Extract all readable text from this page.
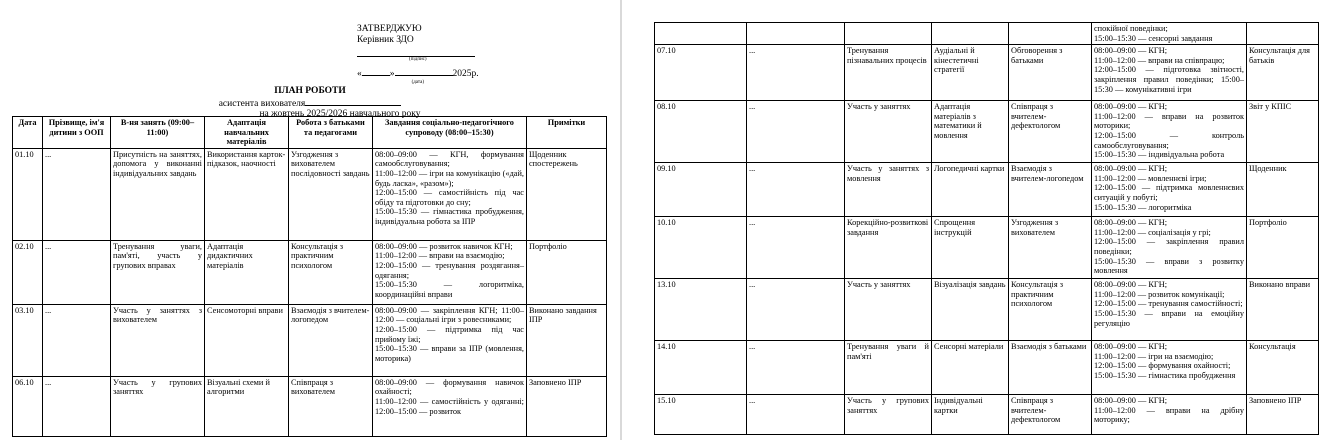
ЗАТВЕРДЖУЮ
Керівник ЗДО
(підпис)
«	»	2025р.
(дата)
ПЛАН РОБОТИ
асистента вихователя
на жовтень 2025/2026 навчального року
Дата	Прізвище, ім'я дитини з ООП	В-ня занять (09:00–11:00)	Адаптація навчальних матеріалів	Робота з батьками та педагогами	Завдання соціально-педагогічного супроводу (08:00–15:30)	Примітки
01.10	...	Присутність на заняттях, допомога у виконанні індивідуальних завдань	Використання карток-підказок, наочності	Узгодження з вихователем послідовності завдань	08:00–09:00 — КГН, формування самообслуговування;
11:00–12:00 — ігри на комунікацію («дай, будь ласка», «разом»);
12:00–15:00 — самостійність під час обіду та підготовки до сну;
15:00–15:30 — гімнастика пробудження, індивідуальна робота за ІПР	Щоденник спостережень
02.10	...	Тренування уваги, пам'яті, участь у групових вправах	Адаптація дидактичних матеріалів	Консультація з практичним психологом	08:00–09:00 — розвиток навичок КГН;
11:00–12:00 — вправи на взаємодію;
12:00–15:00 — тренування роздягання–одягання;
15:00–15:30 — логоритміка, координаційні вправи	Портфоліо
03.10	...	Участь у заняттях з вихователем	Сенсомоторні вправи	Взаємодія з вчителем-логопедом	08:00–09:00 — закріплення КГН; 11:00–12:00 — соціальні ігри з ровесниками;
12:00–15:00 — підтримка під час прийому їжі;
15:00–15:30 — вправи за ІПР (мовлення, моторика)	Виконано завдання ІПР
06.10	...	Участь у групових заняттях	Візуальні схеми й алгоритми	Співпраця з вихователем	08:00–09:00 — формування навичок охайності;
11:00–12:00 — самостійність у одяганні; 12:00–15:00 — розвиток	Заповнено ІПР
					спокійної поведінки;
15:00–15:30 — сенсорні завдання	
07.10	...	Тренування пізнавальних процесів	Аудіальні й кінестетичні стратегії	Обговорення з батьками	08:00–09:00 — КГН;
11:00–12:00 — вправи на співпрацю;
12:00–15:00 — підготовка звітності, закріплення правил поведінки; 15:00–15:30 — комунікативні ігри	Консультація для батьків
08.10	...	Участь у заняттях	Адаптація матеріалів з математики й мовлення	Співпраця з вчителем-дефектологом	08:00–09:00 — КГН;
11:00–12:00 — вправи на розвиток моторики;
12:00–15:00 — контроль самообслуговування;
15:00–15:30 — індивідуальна робота	Звіт у КПІС
09.10	...	Участь у заняттях з мовлення	Логопедичні картки	Взаємодія з вчителем-логопедом	08:00–09:00 — КГН;
11:00–12:00 — мовленнєві ігри;
12:00–15:00 — підтримка мовленнєвих ситуацій у побуті;
15:00–15:30 — логоритміка	Щоденник
10.10	...	Корекційно-розвиткові завдання	Спрощення інструкцій	Узгодження з вихователем	08:00–09:00 — КГН;
11:00–12:00 — соціалізація у грі;
12:00–15:00 — закріплення правил поведінки;
15:00–15:30 — вправи з розвитку мовлення	Портфоліо
13.10	...	Участь у заняттях	Візуалізація завдань	Консультація з практичним психологом	08:00–09:00 — КГН;
11:00–12:00 — розвиток комунікації;
12:00–15:00 — тренування самостійності;
15:00–15:30 — вправи на емоційну регуляцію	Виконано вправи
14.10	...	Тренування уваги й пам'яті	Сенсорні матеріали	Взаємодія з батьками	08:00–09:00 — КГН;
11:00–12:00 — ігри на взаємодію;
12:00–15:00 — формування охайності;
15:00–15:30 — гімнастика пробудження	Консультація
15.10	...	Участь у групових заняттях	Індивідуальні картки	Співпраця з вчителем-дефектологом	08:00–09:00 — КГН;
11:00–12:00 — вправи на дрібну моторику;	Заповнено ІПР
